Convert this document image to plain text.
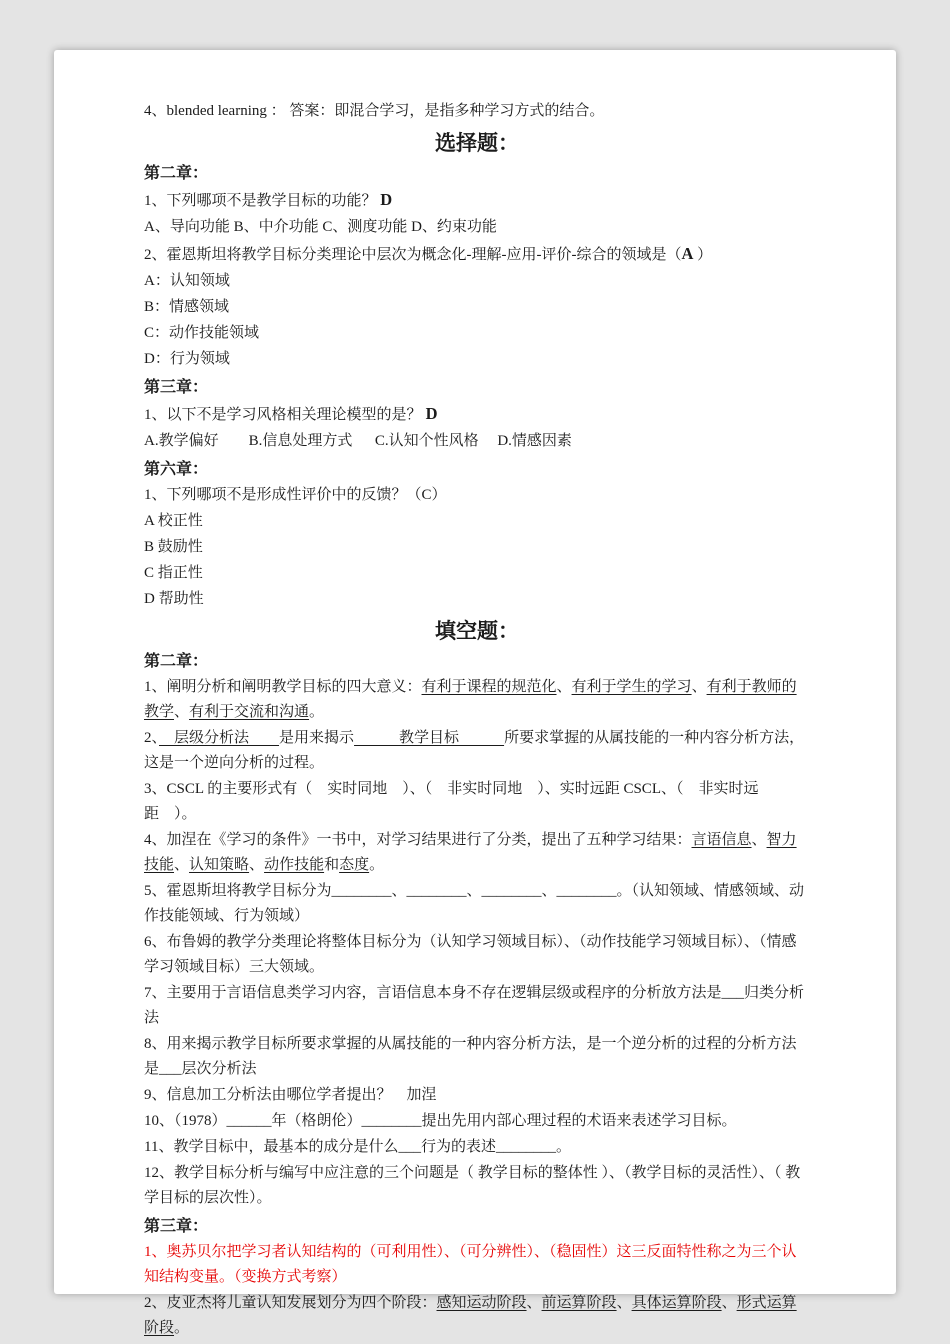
4、blended learning ： 答案：即混合学习，是指多种学习方式的结合。
选择题：
第二章：
1、下列哪项不是教学目标的功能？ D
A、导向功能 B、中介功能 C、测度功能 D、约束功能
2、霍恩斯坦将教学目标分类理论中层次为概念化-理解-应用-评价-综合的领域是（A ）
A：认知领域
B：情感领域
C：动作技能领域
D：行为领域
第三章：
1、以下不是学习风格相关理论模型的是？ D
A.教学偏好        B.信息处理方式      C.认知个性风格     D.情感因素
第六章：
1、下列哪项不是形成性评价中的反馈？（C）
A 校正性
B 鼓励性
C 指正性
D 帮助性
填空题：
第二章：
1、阐明分析和阐明教学目标的四大意义：有利于课程的规范化、有利于学生的学习、有利于教师的教学、有利于交流和沟通。
2、　层级分析法　　是用来揭示　　　教学目标　　　所要求掌握的从属技能的一种内容分析方法，这是一个逆向分析的过程。
3、CSCL 的主要形式有（　实时同地　）、（　非实时同地　）、实时远距 CSCL、（　非实时远距　）。
4、加涅在《学习的条件》一书中，对学习结果进行了分类，提出了五种学习结果：言语信息、智力技能、认知策略、动作技能和态度。
5、霍恩斯坦将教学目标分为________、________、________、________。（认知领域、情感领域、动作技能领域、行为领域）
6、布鲁姆的教学分类理论将整体目标分为（认知学习领域目标）、（动作技能学习领域目标）、（情感学习领域目标）三大领域。
7、主要用于言语信息类学习内容，言语信息本身不存在逻辑层级或程序的分析放方法是___归类分析法
8、用来揭示教学目标所要求掌握的从属技能的一种内容分析方法，是一个逆分析的过程的分析方法是___层次分析法
9、信息加工分析法由哪位学者提出？　加涅
10、（1978）______年（格朗伦）________提出先用内部心理过程的术语来表述学习目标。
11、教学目标中，最基本的成分是什么___行为的表述________。
12、教学目标分析与编写中应注意的三个问题是（ 教学目标的整体性 ）、（教学目标的灵活性）、（ 教学目标的层次性）。
第三章：
1、奥苏贝尔把学习者认知结构的（可利用性）、（可分辨性）、（稳固性）这三反面特性称之为三个认知结构变量。（变换方式考察）
2、皮亚杰将儿童认知发展划分为四个阶段：感知运动阶段、前运算阶段、具体运算阶段、形式运算阶段。
